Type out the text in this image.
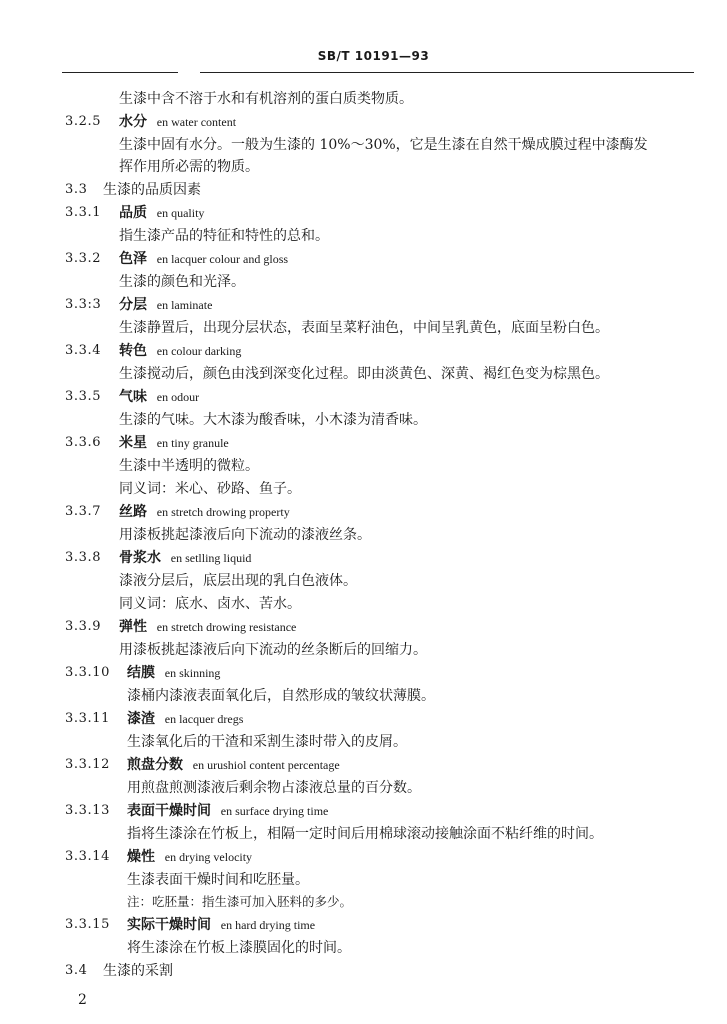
SB/T 10191—93
生漆中含不溶于水和有机溶剂的蛋白质类物质。
3.2.5	水分 en water content
生漆中固有水分。一般为生漆的 10%～30%，它是生漆在自然干燥成膜过程中漆酶发
挥作用所必需的物质。
3.3 生漆的品质因素
3.3.1	品质 en quality
指生漆产品的特征和特性的总和。
3.3.2	色泽 en lacquer colour and gloss
生漆的颜色和光泽。
3.3:3	分层 en laminate
生漆静置后，出现分层状态，表面呈菜籽油色，中间呈乳黄色，底面呈粉白色。
3.3.4	转色 en colour darking
生漆搅动后，颜色由浅到深变化过程。即由淡黄色、深黄、褐红色变为棕黑色。
3.3.5	气味 en odour
生漆的气味。大木漆为酸香味，小木漆为清香味。
3.3.6	米星 en tiny granule
生漆中半透明的微粒。
同义词：米心、砂路、鱼子。
3.3.7	丝路 en stretch drowing property
用漆板挑起漆液后向下流动的漆液丝条。
3.3.8	骨浆水 en setlling liquid
漆液分层后，底层出现的乳白色液体。
同义词：底水、卤水、苦水。
3.3.9	弹性 en stretch drowing resistance
用漆板挑起漆液后向下流动的丝条断后的回缩力。
3.3.10	结膜 en skinning
漆桶内漆液表面氧化后，自然形成的皱纹状薄膜。
3.3.11	漆渣 en lacquer dregs
生漆氧化后的干渣和采割生漆时带入的皮屑。
3.3.12	煎盘分数 en urushiol content percentage
用煎盘煎测漆液后剩余物占漆液总量的百分数。
3.3.13	表面干燥时间 en surface drying time
指将生漆涂在竹板上，相隔一定时间后用棉球滚动接触涂面不粘纤维的时间。
3.3.14	燥性 en drying velocity
生漆表面干燥时间和吃胚量。
注：吃胚量：指生漆可加入胚料的多少。
3.3.15	实际干燥时间 en hard drying time
将生漆涂在竹板上漆膜固化的时间。
3.4 生漆的采割
2
